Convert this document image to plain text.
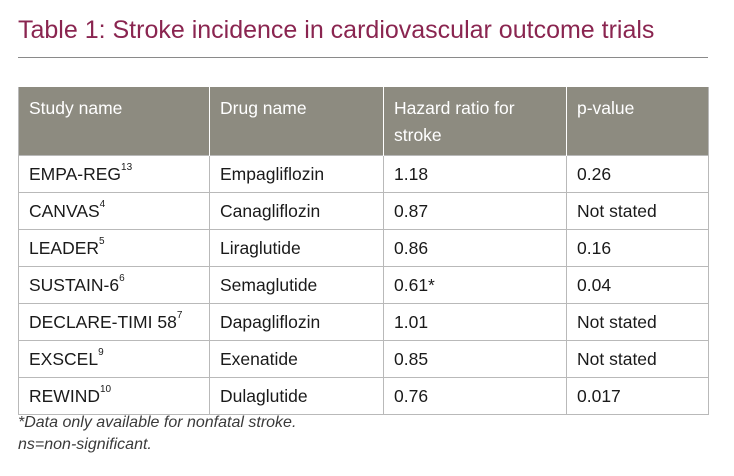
Table 1: Stroke incidence in cardiovascular outcome trials
Study name	Drug name	Hazard ratio for stroke	p-value
EMPA-REG$^{13}$	Empagliflozin	1.18	0.26
CANVAS$^4$	Canagliflozin	0.87	Not stated
LEADER$^5$	Liraglutide	0.86	0.16
SUSTAIN-$6^6$	Semaglutide	0.61*	0.04
DECLARE-TIMI $58^7$	Dapagliflozin	1.01	Not stated
EXSCEL$^9$	Exenatide	0.85	Not stated
REWIND$^{10}$	Dulaglutide	0.76	0.017
*Data only available for nonfatal stroke.
ns=non-significant.
